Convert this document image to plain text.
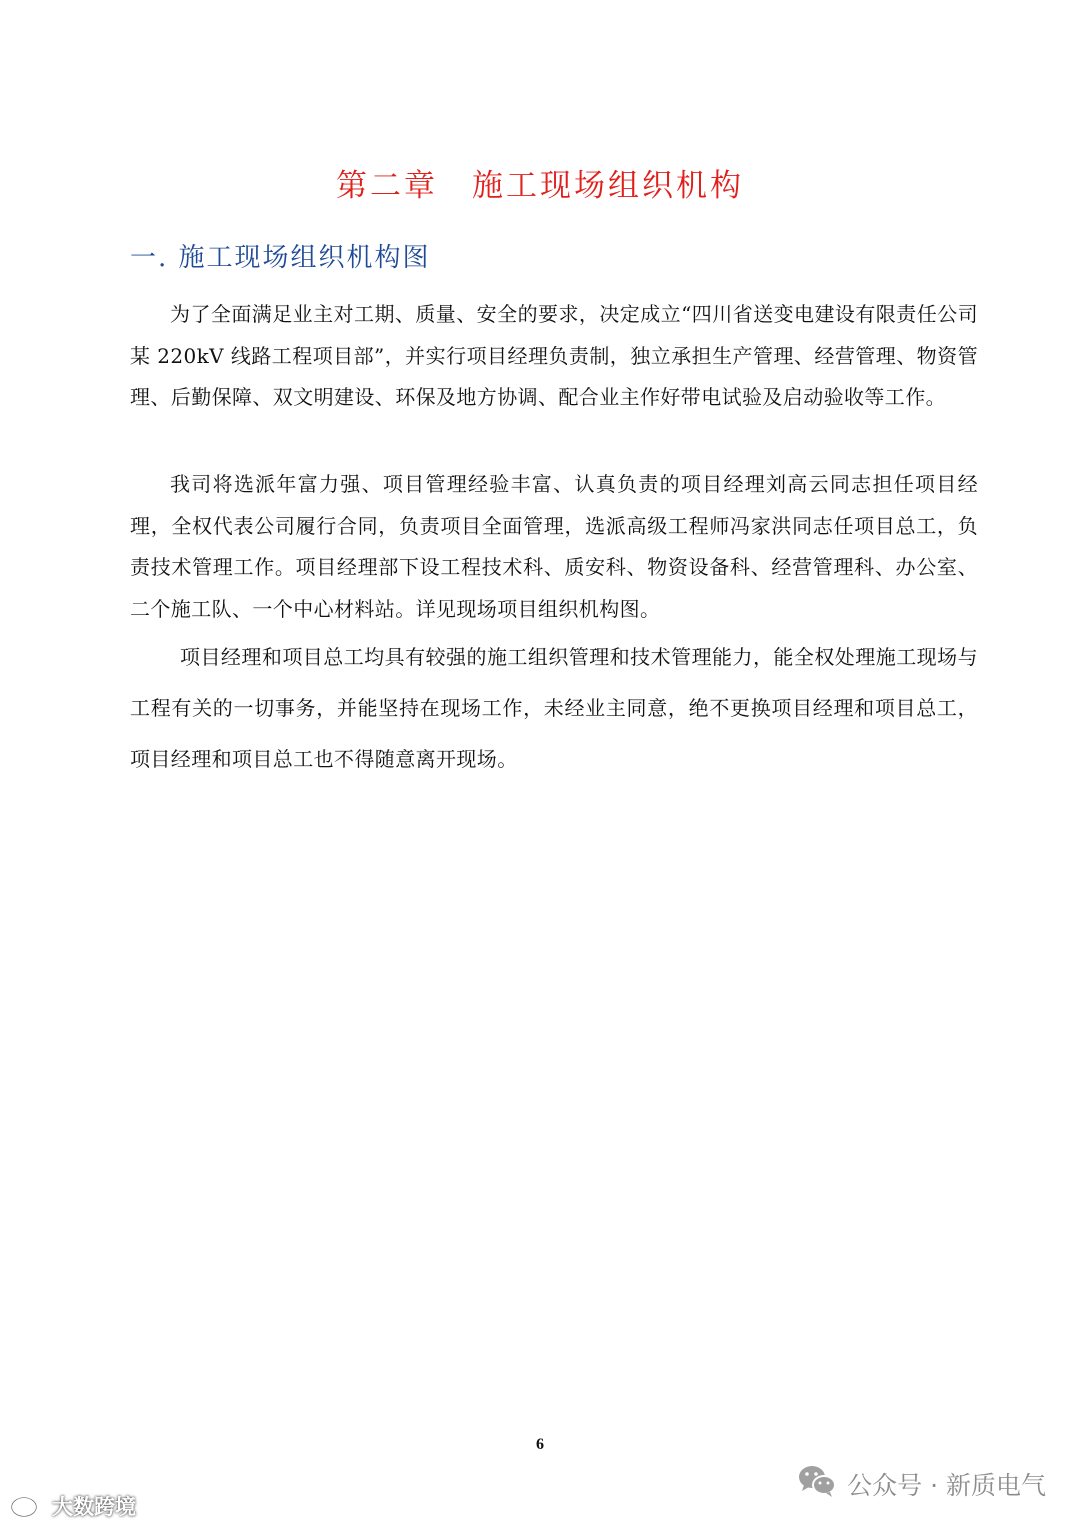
第二章　施工现场组织机构
一. 施工现场组织机构图

为了全面满足业主对工期、质量、安全的要求，决定成立“四川省送变电建设有限责任公司某 220kV 线路工程项目部”，并实行项目经理负责制，独立承担生产管理、经营管理、物资管理、后勤保障、双文明建设、环保及地方协调、配合业主作好带电试验及启动验收等工作。

我司将选派年富力强、项目管理经验丰富、认真负责的项目经理刘高云同志担任项目经理，全权代表公司履行合同，负责项目全面管理，选派高级工程师冯家洪同志任项目总工，负责技术管理工作。项目经理部下设工程技术科、质安科、物资设备科、经营管理科、办公室、二个施工队、一个中心材料站。详见现场项目组织机构图。

项目经理和项目总工均具有较强的施工组织管理和技术管理能力，能全权处理施工现场与工程有关的一切事务，并能坚持在现场工作，未经业主同意，绝不更换项目经理和项目总工，项目经理和项目总工也不得随意离开现场。

6
大数跨境
公众号 · 新质电气
